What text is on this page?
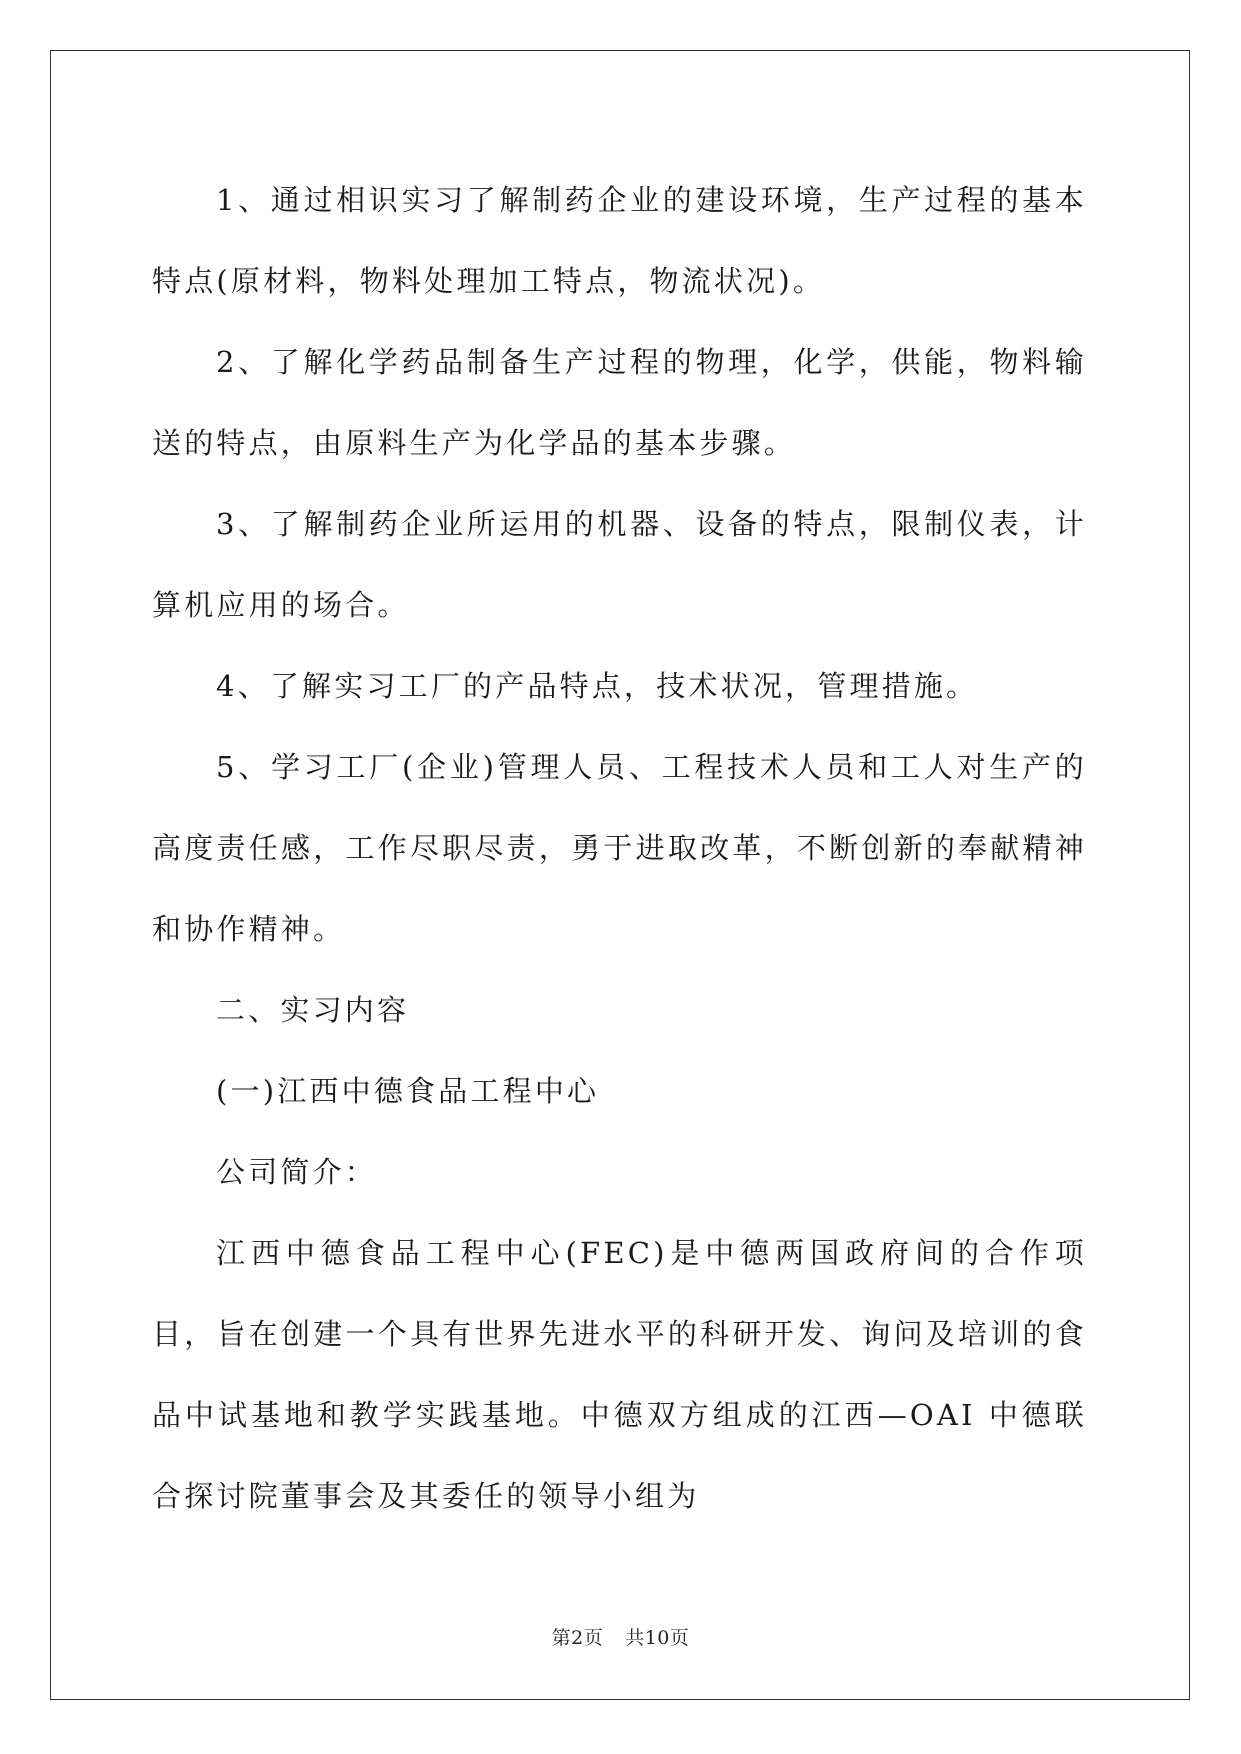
1、通过相识实习了解制药企业的建设环境，生产过程的基本特点(原材料，物料处理加工特点，物流状况)。

2、了解化学药品制备生产过程的物理，化学，供能，物料输送的特点，由原料生产为化学品的基本步骤。

3、了解制药企业所运用的机器、设备的特点，限制仪表，计算机应用的场合。

4、了解实习工厂的产品特点，技术状况，管理措施。

5、学习工厂(企业)管理人员、工程技术人员和工人对生产的高度责任感，工作尽职尽责，勇于进取改革，不断创新的奉献精神和协作精神。

二、实习内容

(一)江西中德食品工程中心

公司简介：

江西中德食品工程中心(FEC)是中德两国政府间的合作项目，旨在创建一个具有世界先进水平的科研开发、询问及培训的食品中试基地和教学实践基地。中德双方组成的江西—OAI 中德联合探讨院董事会及其委任的领导小组为

第2页 共10页
